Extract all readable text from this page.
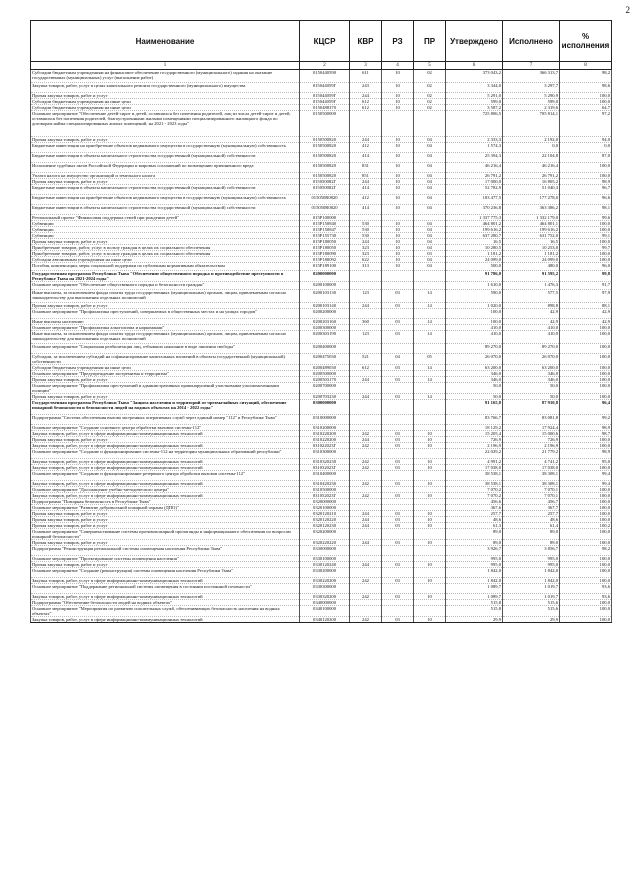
2
Наименование	КЦСР	КВР	РЗ	ПР	Утверждено	Исполнено	% исполнения
1	2	3	4	5	6	7	8
Субсидии бюджетным учреждениям на финансовое обеспечение государственного (муниципального) задания на оказание государственных (муниципальных) услуг (выполнение работ)	0150440590	611	10	02	373 043,2	366 313,7	98,2
Закупка товаров, работ, услуг в целях капитального ремонта государственного (муниципального) имущества	015044059Г	243	10	02	3 344,0	3 297,7	98,6
Прочая закупка товаров, работ и услуг	015044059Г	244	10	02	5 291,0	5 290,9	100,0
Субсидии бюджетным учреждениям на иные цели	015044059Г	612	10	02	599,0	599,0	100,0
Субсидии бюджетным учреждениям на иные цели	0150488370	612	10	02	3 587,2	2 319,6	64,7
Основное мероприятие "Обеспечение детей-сирот и детей, оставшихся без попечения родителей, лиц из числа детей-сирот и детей, оставшихся без попечения родителей, благоустроенными жилыми помещениями специализированного жилищного фонда по договорам найма специализированных жилых помещений, на 2021 - 2023 годы"	0150500000				725 806,5	705 814,1	97,2
Прочая закупка товаров, работ и услуг	0150500820	244	10	04	2 333,3	2 192,0	94,0
Бюджетные инвестиции на приобретение объектов недвижимого имущества в государственную (муниципальную) собственность	0150500820	412	10	04	1 574,3	0,0	0,0
Бюджетные инвестиции в объекты капитального строительства государственной (муниципальной) собственности	0150500820	414	10	04	25 394,3	22 104,8	87,0
Исполнение судебных актов Российской Федерации и мировых соглашений по возмещению причиненного вреда	0150500820	831	10	04	46 216,4	46 216,4	100,0
Уплата налога на имущество организаций и земельного налога	0150500820	851	10	04	26 791,2	26 791,2	100,0
Прочая закупка товаров, работ и услуг	015050082Г	244	10	04	17 000,0	16 805,2	98,9
Бюджетные инвестиции в объекты капитального строительства государственной (муниципальной) собственности	015050082Г	414	10	04	52 782,9	51 040,3	96,7
Бюджетные инвестиции на приобретение объектов недвижимого имущества в государственную (муниципальную) собственность	015050R0820	412	10	04	183 477,5	177 278,0	96,6
Бюджетные инвестиции в объекты капитального строительства государственной (муниципальной) собственности	015050R0820	414	10	04	370 236,8	363 386,2	98,1
Региональный проект "Финансовая поддержка семей при рождении детей"	015P100000				1 337 775,3	1 332 179,0	99,6
Субвенции	015P150840	530	10	04	464 801,2	464 801,1	100,0
Субвенции	015P150847	530	10	04	199 616,2	199 616,2	100,0
Субвенции	015P155730	530	10	04	637 280,7	631 752,0	99,1
Прочая закупка товаров, работ и услуг	015P180050	244	10	04	16,5	16,5	100,0
Приобретение товаров, работ, услуг в пользу граждан в целях их социального обеспечения	015P180050	323	10	04	10 280,5	10 253,0	99,7
Приобретение товаров, работ, услуг в пользу граждан в целях их социального обеспечения	015P180090	323	10	03	1 181,2	1 181,2	100,0
Субсидии автономным учреждениям на иные цели	015P180092	622	10	04	24 099,0	24 099,0	100,0
Пособия, компенсации, меры социальной поддержки по публичным нормативным обязательствам	015P189100	313	10	04	500,0	480,0	96,0
Государственная программа Республики Тыва "Обеспечение общественного порядка и противодействие преступности в Республике Тыва на 2021-2024 годы"	0200000000				91 786,0	91 595,2	99,8
Основное мероприятие "Обеспечение общественного порядка и безопасности граждан"	0200100000				1 610,0	1 476,3	91,7
Иные выплаты, за исключением фонда оплаты труда государственных (муниципальных) органов, лицам, привлекаемым согласно законодательству для выполнения отдельных полномочий	0200103130	123	03	14	590,0	577,5	97,9
Прочая закупка товаров, работ и услуг	0200103140	244	03	14	1 020,0	898,8	88,1
Основное мероприятие "Профилактика преступлений, совершаемых в общественных местах и на улицах городов"	0200200000				100,0	42,9	42,9
Иные выплаты населению	0200203160	360	03	14	100,0	42,9	42,9
Основное мероприятие "Профилактика алкоголизма и наркомании"	0200300000				410,0	410,0	100,0
Иные выплаты, за исключением фонда оплаты труда государственных (муниципальных) органов, лицам, привлекаемым согласно законодательству для выполнения отдельных полномочий	0200303190	123	03	14	410,0	410,0	100,0
Основное мероприятие "Социальная реабилитация лиц, отбывших наказание в виде лишения свободы"	0200400000				89 270,0	89 270,0	100,0
Субсидии, за исключением субсидий на софинансирование капитальных вложений в объекты государственной (муниципальной) собственности	0200475030	521	04	05	26 070,0	26 070,0	100,0
Субсидии бюджетным учреждениям на иные цели	0200489030	612	03	14	63 200,0	63 200,0	100,0
Основное мероприятие "Предупреждение экстремизма и терроризма"	0200500000				346,0	346,0	100,0
Прочая закупка товаров, работ и услуг	0200503170	244	03	14	346,0	346,0	100,0
Основное мероприятие "Профилактика преступлений и административных правонарушений участковыми уполномоченными полиции"	0200700000				50,0	50,0	100,0
Прочая закупка товаров, работ и услуг	0200703230	244	03	14	50,0	50,0	100,0
Государственная программа Республики Тыва "Защита населения и территорий от чрезвычайных ситуаций, обеспечение пожарной безопасности и безопасности людей на водных объектах на 2014 - 2022 годы"	0300000000				91 165,8	87 910,8	96,4
Подпрограмма "Система обеспечения вызова экстренных оперативных служб через единый номер "112" в Республике Тыва"	0310000000				83 766,7	83 081,8	99,2
Основное мероприятие "Создание основного центра обработки вызовов системы-112"	0310200000				18 129,2	17 924,4	98,9
Закупка товаров, работ, услуг в сфере информационно-коммуникационных технологий	0310220200	242	03	10	15 205,4	15 000,6	98,7
Прочая закупка товаров, работ и услуг	0310220200	244	03	10	726,9	726,9	100,0
Закупка товаров, работ, услуг в сфере информационно-коммуникационных технологий	031022023Г	242	03	10	2 196,9	2 196,9	100,0
Основное мероприятие "Создание и функционирование системы-112 на территории муниципальных образований республики"	0310300000				22 029,2	21 779,2	98,9
Закупка товаров, работ, услуг в сфере информационно-коммуникационных технологий	0310320230	242	03	10	4 991,2	4 741,2	95,0
Закупка товаров, работ, услуг в сфере информационно-коммуникационных технологий	031032023Г	242	03	10	17 038,0	17 038,0	100,0
Основное мероприятие "Создание и функционирование резервного центра обработки вызовов системы-112"	0310400000				38 538,1	38 308,1	99,4
Закупка товаров, работ, услуг в сфере информационно-коммуникационных технологий	0310420230	242	03	10	38 538,1	38 308,1	99,4
Основное мероприятие "Дооснащение учебно-методического центра"	0310500000				7 070,2	7 070,1	100,0
Закупка товаров, работ, услуг в сфере информационно-коммуникационных технологий	031052023Г	242	03	10	7 070,2	7 070,1	100,0
Подпрограмма "Пожарная безопасность в Республике Тыва"	0320000000				456,6	456,7	100,0
Основное мероприятие "Развитие добровольной пожарной охраны (ДПО)"	0320100000				367,6	367,7	100,0
Прочая закупка товаров, работ и услуг	0320120210	244	03	10	257,7	257,7	100,0
Прочая закупка товаров, работ и услуг	0320120220	244	03	10	48,6	48,6	100,0
Прочая закупка товаров, работ и услуг	0320120230	244	03	10	61,3	61,4	100,2
Основное мероприятие "Совершенствование системы противопожарной пропаганды и информационного обеспечения по вопросам пожарной безопасности"	0320200000				89,0	89,0	100,0
Прочая закупка товаров, работ и услуг	0320220220	244	03	10	89,0	89,0	100,0
Подпрограмма "Реконструкция региональной системы оповещения населения Республики Тыва"	0330000000				3 926,7	3 856,7	98,2
Основное мероприятие "Проектирование системы оповещения населения"	0330100000				995,0	995,0	100,0
Прочая закупка товаров, работ и услуг	0330120240	244	03	10	995,0	995,0	100,0
Основное мероприятие "Создание (реконструкция) системы оповещения населения Республики Тыва"	0330200000				1 842,0	1 842,0	100,0
Закупка товаров, работ, услуг в сфере информационно-коммуникационных технологий	0330220200	242	03	10	1 842,0	1 842,0	100,0
Основное мероприятие "Поддержание региональной системы оповещения в состоянии постоянной готовности"	0330300000				1 089,7	1 019,7	93,6
Закупка товаров, работ, услуг в сфере информационно-коммуникационных технологий	0330320200	242	03	10	1 089,7	1 019,7	93,6
Подпрограмма "Обеспечение безопасности людей на водных объектах"	0340000000				515,8	515,6	100,0
Основное мероприятие "Мероприятия по развитию спасательных служб, обеспечивающих безопасность населения на водных объектах"	0340100000				515,8	515,6	100,0
Закупка товаров, работ, услуг в сфере информационно-коммуникационных технологий	0340120200	242	03	10	29,9	29,9	100,0
